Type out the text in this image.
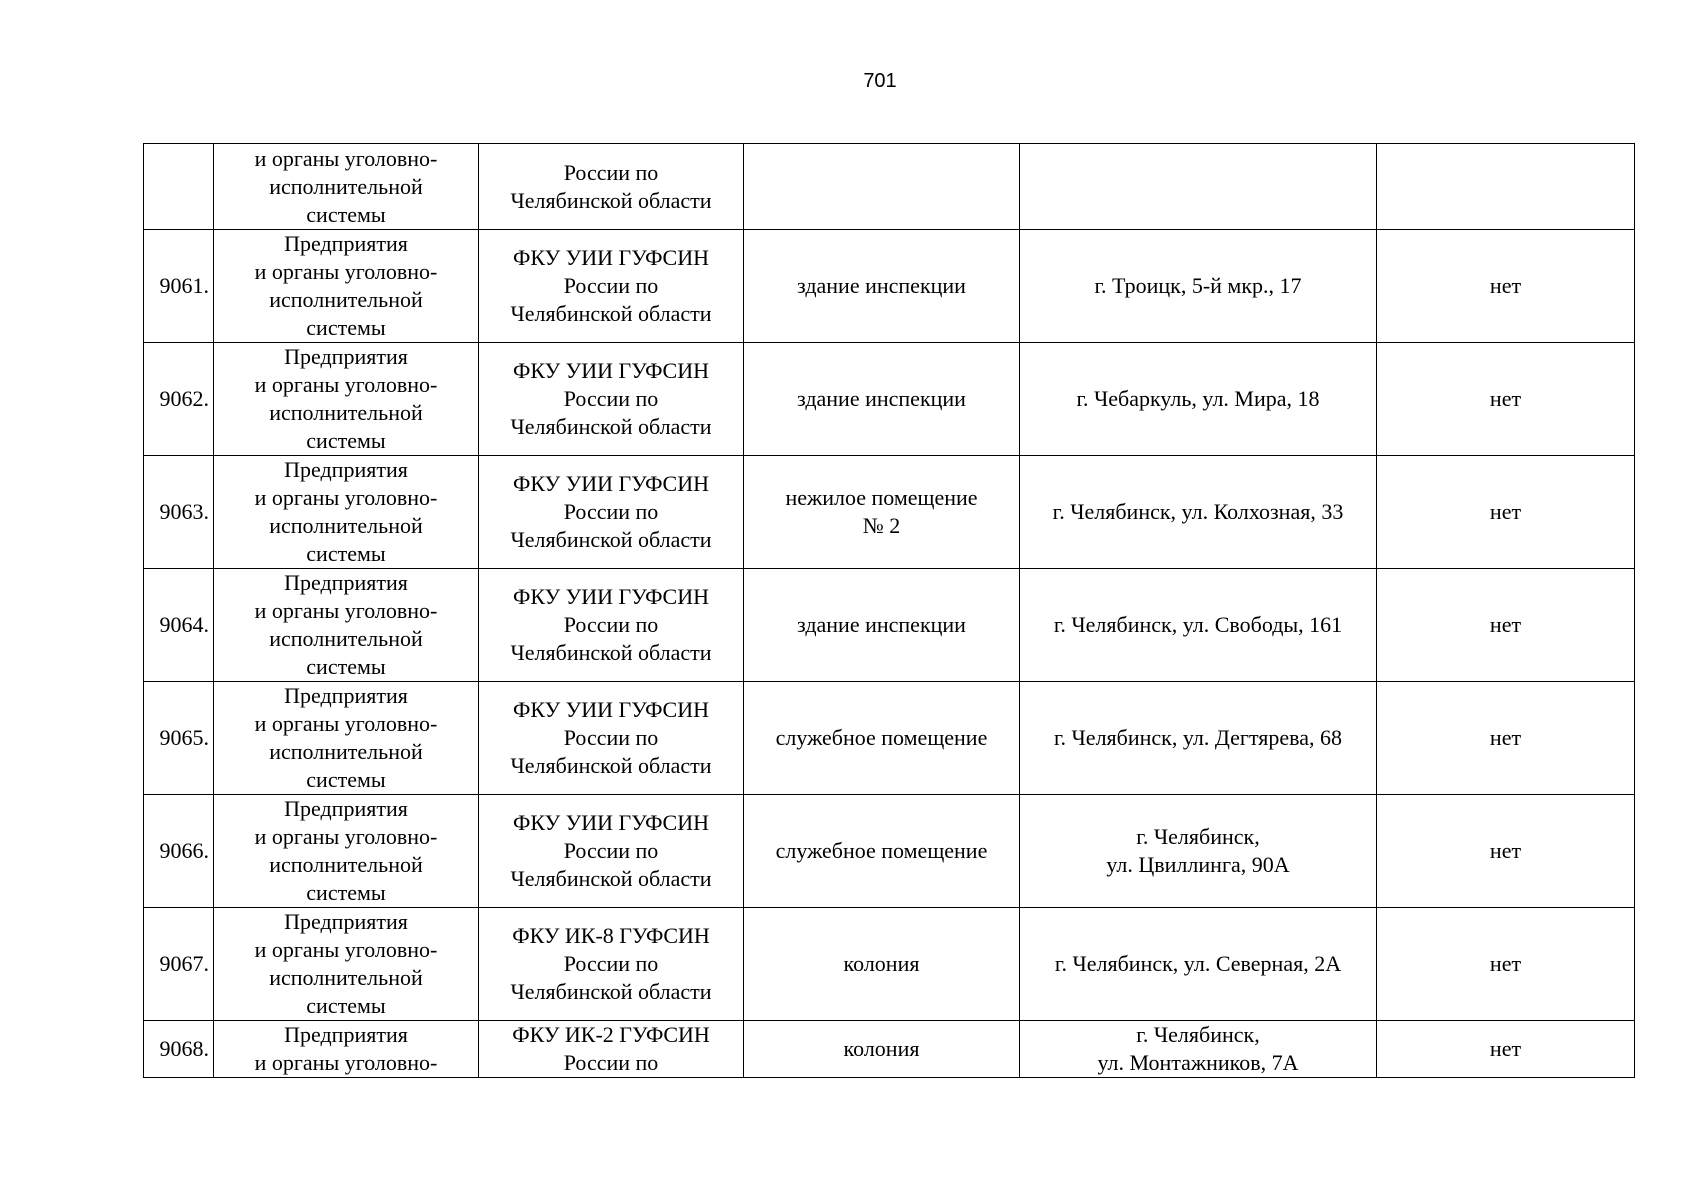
701

	и органы уголовно-
исполнительной
системы	России по
Челябинской области			

9061.	Предприятия
и органы уголовно-
исполнительной
системы	ФКУ УИИ ГУФСИН
России по
Челябинской области	здание инспекции	г. Троицк, 5-й мкр., 17	нет
9062.	Предприятия
и органы уголовно-
исполнительной
системы	ФКУ УИИ ГУФСИН
России по
Челябинской области	здание инспекции	г. Чебаркуль, ул. Мира, 18	нет
9063.	Предприятия
и органы уголовно-
исполнительной
системы	ФКУ УИИ ГУФСИН
России по
Челябинской области	нежилое помещение
№ 2	г. Челябинск, ул. Колхозная, 33	нет
9064.	Предприятия
и органы уголовно-
исполнительной
системы	ФКУ УИИ ГУФСИН
России по
Челябинской области	здание инспекции	г. Челябинск, ул. Свободы, 161	нет
9065.	Предприятия
и органы уголовно-
исполнительной
системы	ФКУ УИИ ГУФСИН
России по
Челябинской области	служебное помещение	г. Челябинск, ул. Дегтярева, 68	нет
9066.	Предприятия
и органы уголовно-
исполнительной
системы	ФКУ УИИ ГУФСИН
России по
Челябинской области	служебное помещение	г. Челябинск,
ул. Цвиллинга, 90А	нет
9067.	Предприятия
и органы уголовно-
исполнительной
системы	ФКУ ИК-8 ГУФСИН
России по
Челябинской области	колония	г. Челябинск, ул. Северная, 2А	нет
9068.	Предприятия
и органы уголовно-	ФКУ ИК-2 ГУФСИН
России по	колония	г. Челябинск,
ул. Монтажников, 7А	нет
